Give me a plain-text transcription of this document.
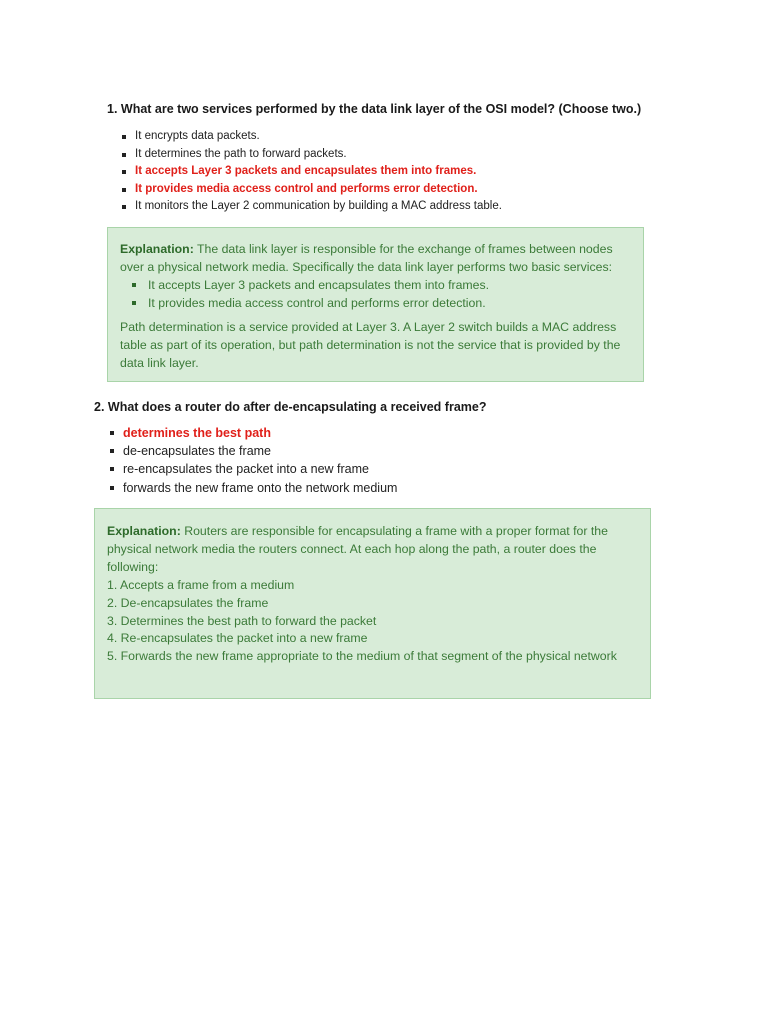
1. What are two services performed by the data link layer of the OSI model? (Choose two.)
It encrypts data packets.
It determines the path to forward packets.
It accepts Layer 3 packets and encapsulates them into frames.
It provides media access control and performs error detection.
It monitors the Layer 2 communication by building a MAC address table.

Explanation: The data link layer is responsible for the exchange of frames between nodes over a physical network media. Specifically the data link layer performs two basic services:

It accepts Layer 3 packets and encapsulates them into frames.
It provides media access control and performs error detection.

Path determination is a service provided at Layer 3. A Layer 2 switch builds a MAC address table as part of its operation, but path determination is not the service that is provided by the data link layer.

2. What does a router do after de-encapsulating a received frame?
determines the best path
de-encapsulates the frame
re-encapsulates the packet into a new frame
forwards the new frame onto the network medium

Explanation: Routers are responsible for encapsulating a frame with a proper format for the physical network media the routers connect. At each hop along the path, a router does the following:

1. Accepts a frame from a medium

2. De-encapsulates the frame

3. Determines the best path to forward the packet

4. Re-encapsulates the packet into a new frame

5. Forwards the new frame appropriate to the medium of that segment of the physical network
